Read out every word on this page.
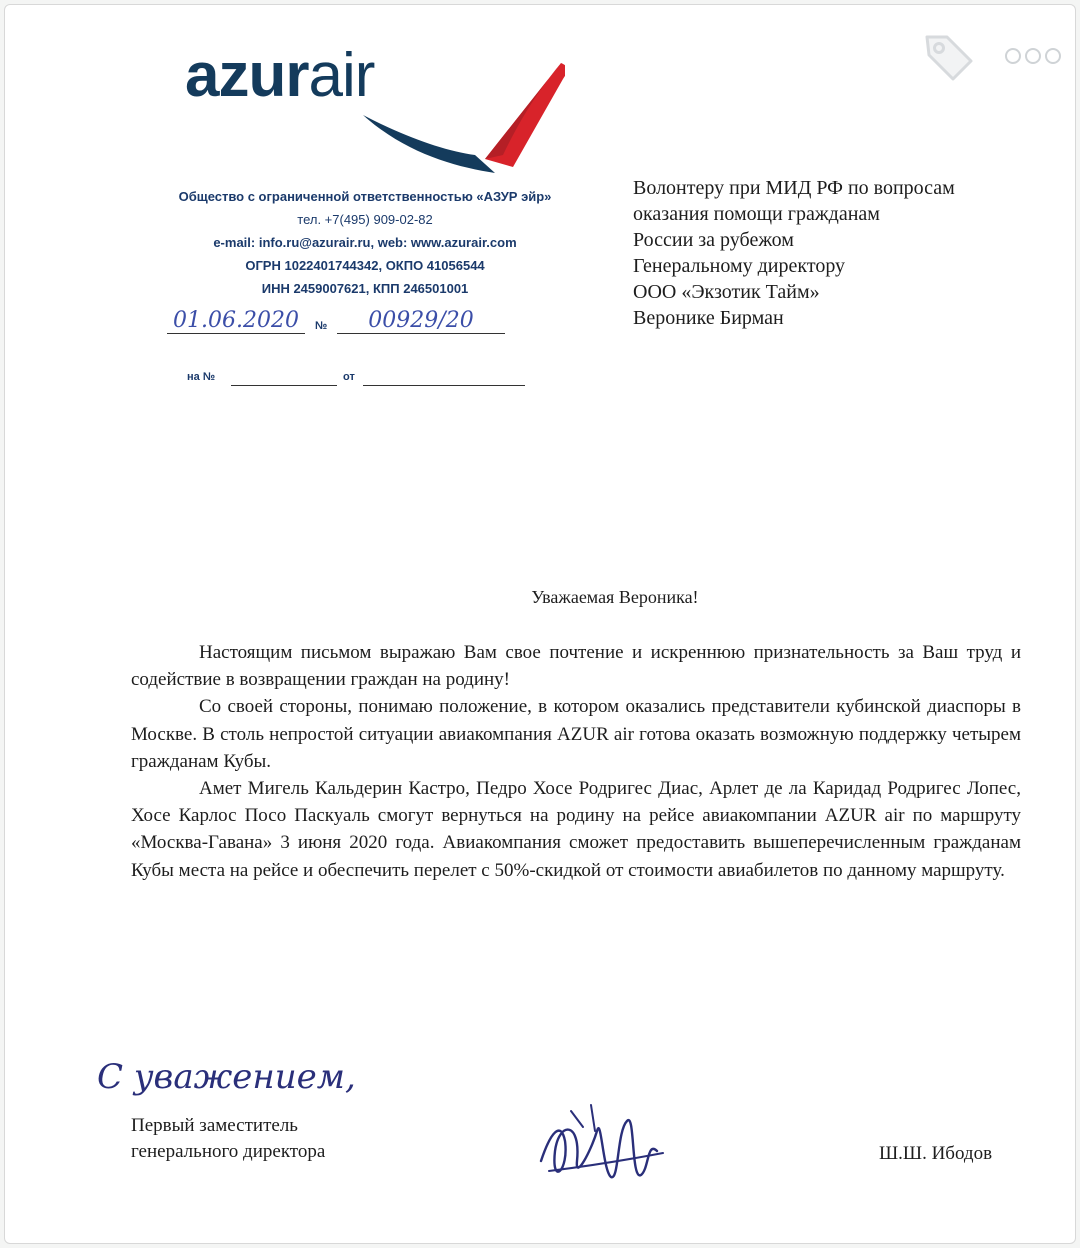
azurair
Общество с ограниченной ответственностью «АЗУР эйр»
тел. +7(495) 909-02-82
e-mail: info.ru@azurair.ru, web: www.azurair.com
ОГРН 1022401744342, ОКПО 41056544
ИНН 2459007621, КПП 246501001
01.06.2020	№	00929/20
на №	от
Волонтеру при МИД РФ по вопросам
оказания помощи гражданам
России за рубежом
Генеральному директору
ООО «Экзотик Тайм»
Веронике Бирман
Уважаемая Вероника!

Настоящим письмом выражаю Вам свое почтение и искреннюю признательность за Ваш труд и содействие в возвращении граждан на родину!

Со своей стороны, понимаю положение, в котором оказались представители кубинской диаспоры в Москве. В столь непростой ситуации авиакомпания AZUR air готова оказать возможную поддержку четырем гражданам Кубы.

Амет Мигель Кальдерин Кастро, Педро Хосе Родригес Диас, Арлет де ла Каридад Родригес Лопес, Хосе Карлос Посо Паскуаль смогут вернуться на родину на рейсе авиакомпании AZUR air по маршруту «Москва-Гавана» 3 июня 2020 года. Авиакомпания сможет предоставить вышеперечисленным гражданам Кубы места на рейсе и обеспечить перелет с 50%-скидкой от стоимости авиабилетов по данному маршруту.

С уважением,
Первый заместитель
генерального директора	Ш.Ш. Ибодов
